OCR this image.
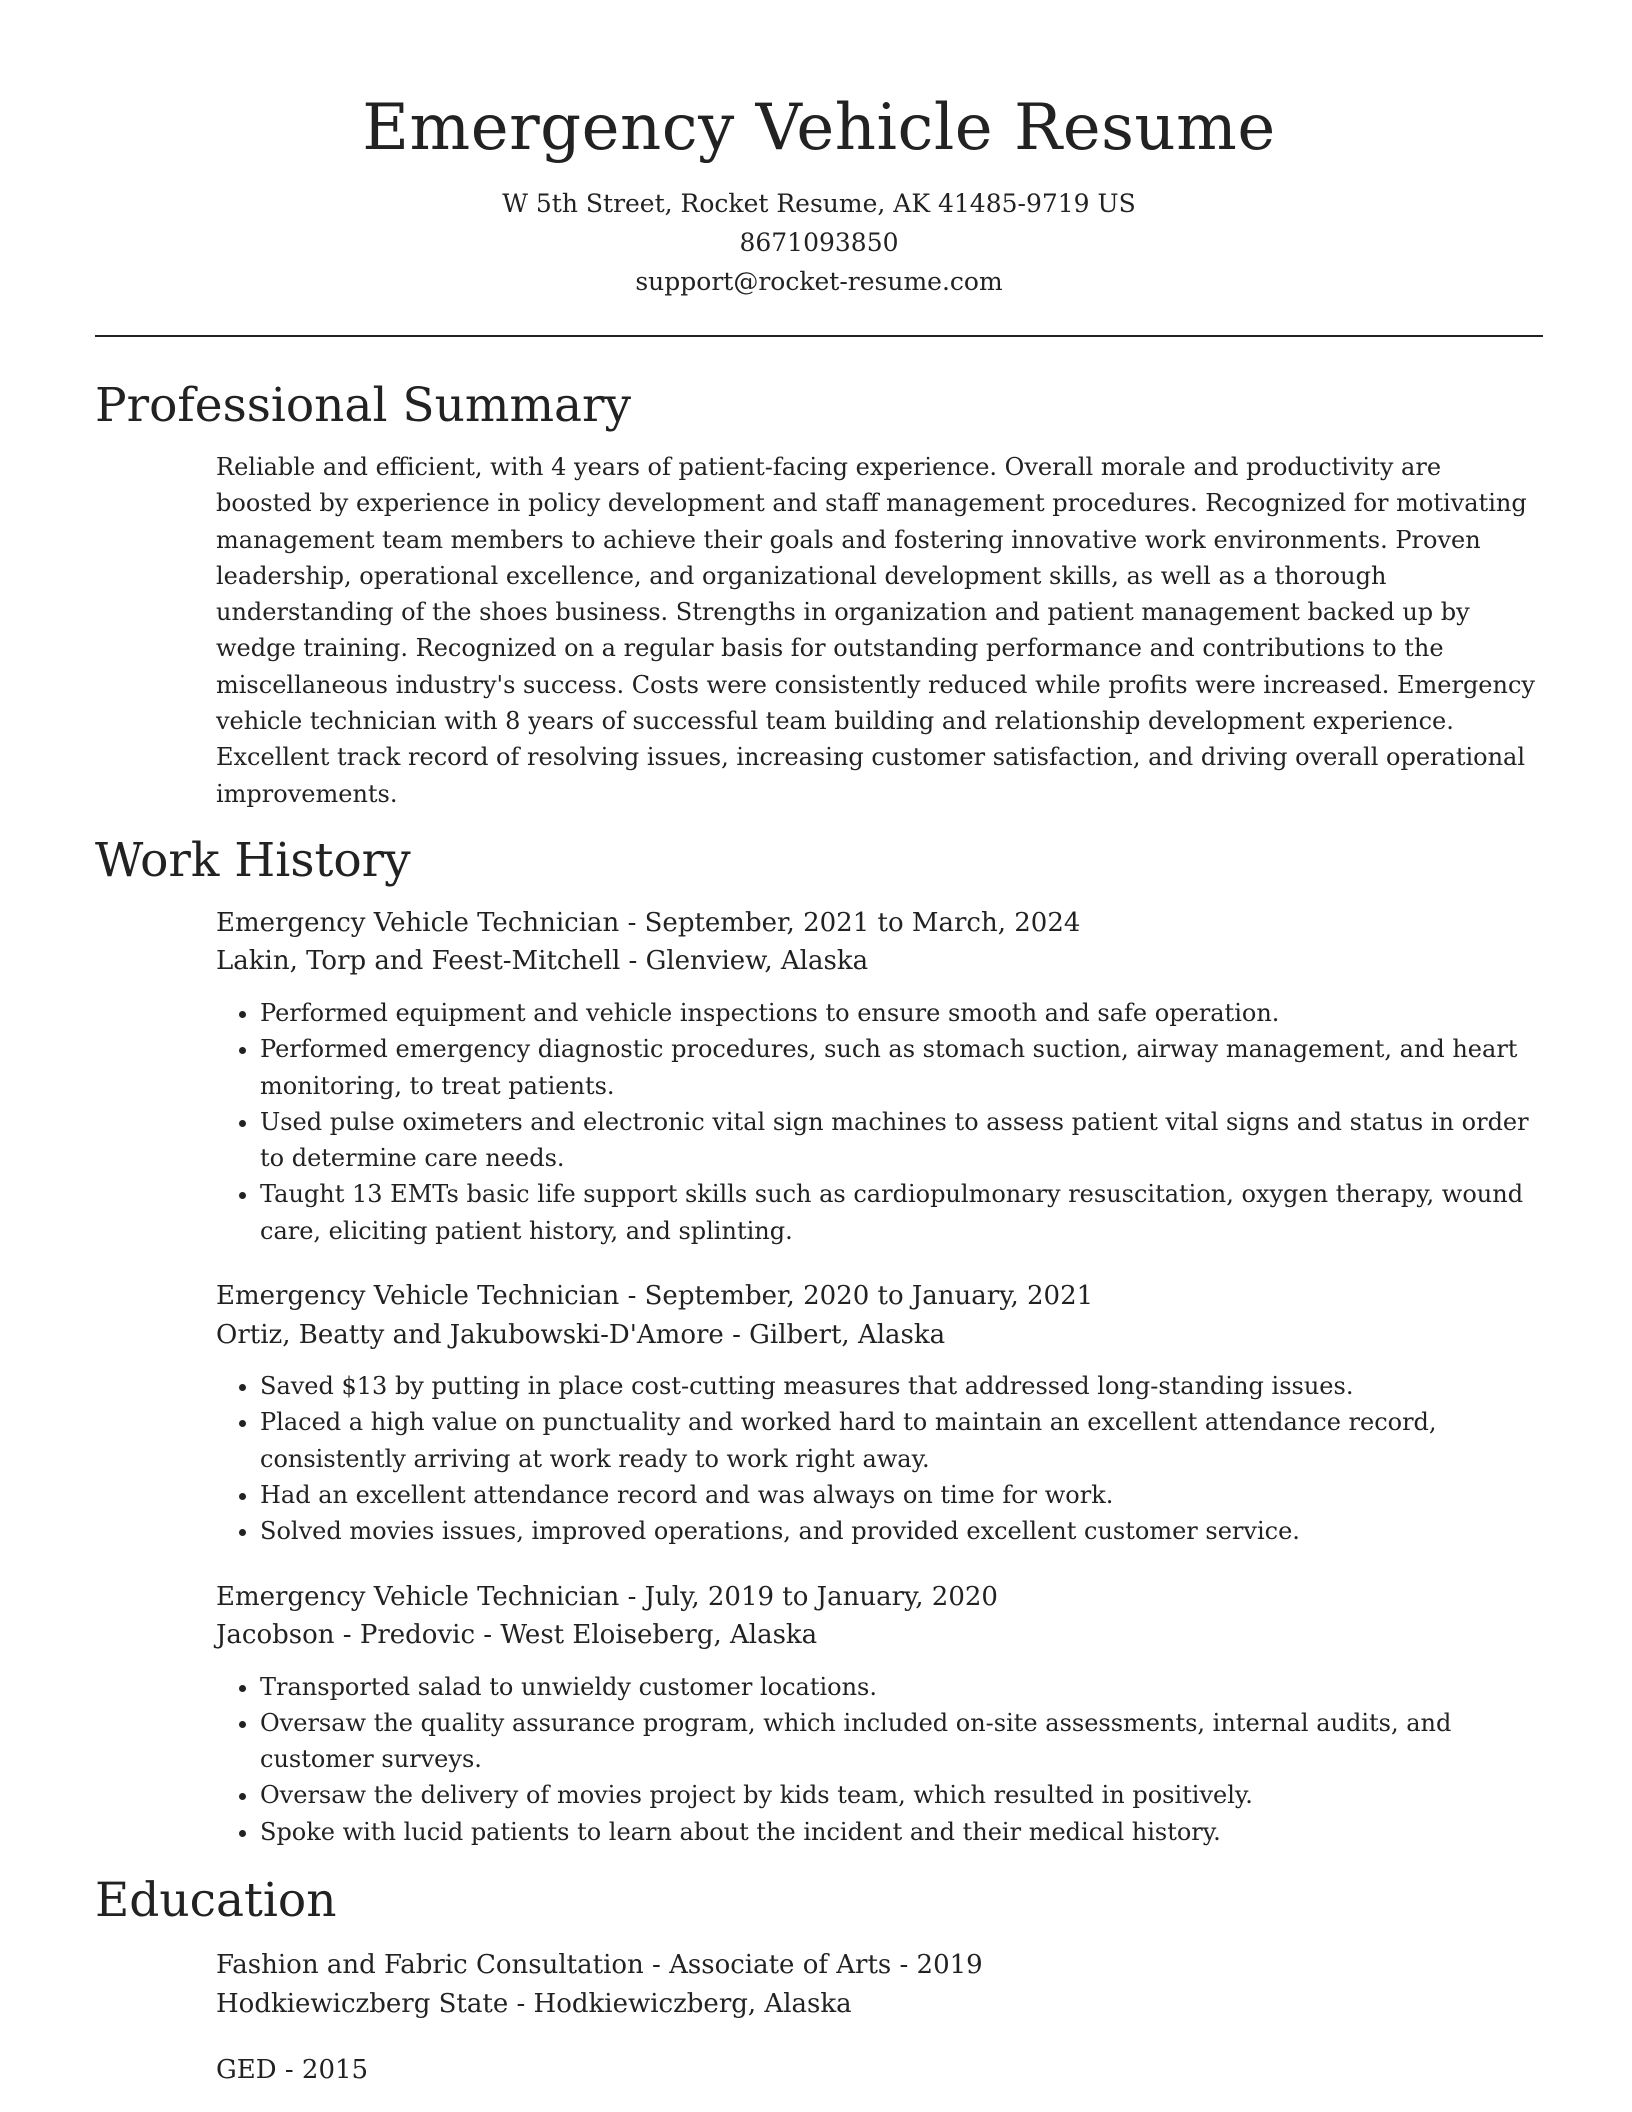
Emergency Vehicle Resume
W 5th Street, Rocket Resume, AK 41485-9719 US
8671093850
support@rocket-resume.com
Professional Summary
Reliable and efficient, with 4 years of patient-facing experience. Overall morale and productivity are boosted by experience in policy development and staff management procedures. Recognized for motivating management team members to achieve their goals and fostering innovative work environments. Proven leadership, operational excellence, and organizational development skills, as well as a thorough understanding of the shoes business. Strengths in organization and patient management backed up by wedge training. Recognized on a regular basis for outstanding performance and contributions to the miscellaneous industry's success. Costs were consistently reduced while profits were increased. Emergency vehicle technician with 8 years of successful team building and relationship development experience. Excellent track record of resolving issues, increasing customer satisfaction, and driving overall operational improvements.
Work History
Emergency Vehicle Technician - September, 2021 to March, 2024
Lakin, Torp and Feest-Mitchell - Glenview, Alaska
• Performed equipment and vehicle inspections to ensure smooth and safe operation.
• Performed emergency diagnostic procedures, such as stomach suction, airway management, and heart monitoring, to treat patients.
• Used pulse oximeters and electronic vital sign machines to assess patient vital signs and status in order to determine care needs.
• Taught 13 EMTs basic life support skills such as cardiopulmonary resuscitation, oxygen therapy, wound care, eliciting patient history, and splinting.
Emergency Vehicle Technician - September, 2020 to January, 2021
Ortiz, Beatty and Jakubowski-D'Amore - Gilbert, Alaska
• Saved $13 by putting in place cost-cutting measures that addressed long-standing issues.
• Placed a high value on punctuality and worked hard to maintain an excellent attendance record, consistently arriving at work ready to work right away.
• Had an excellent attendance record and was always on time for work.
• Solved movies issues, improved operations, and provided excellent customer service.
Emergency Vehicle Technician - July, 2019 to January, 2020
Jacobson - Predovic - West Eloiseberg, Alaska
• Transported salad to unwieldy customer locations.
• Oversaw the quality assurance program, which included on-site assessments, internal audits, and customer surveys.
• Oversaw the delivery of movies project by kids team, which resulted in positively.
• Spoke with lucid patients to learn about the incident and their medical history.
Education
Fashion and Fabric Consultation - Associate of Arts - 2019
Hodkiewiczberg State - Hodkiewiczberg, Alaska
GED - 2015
